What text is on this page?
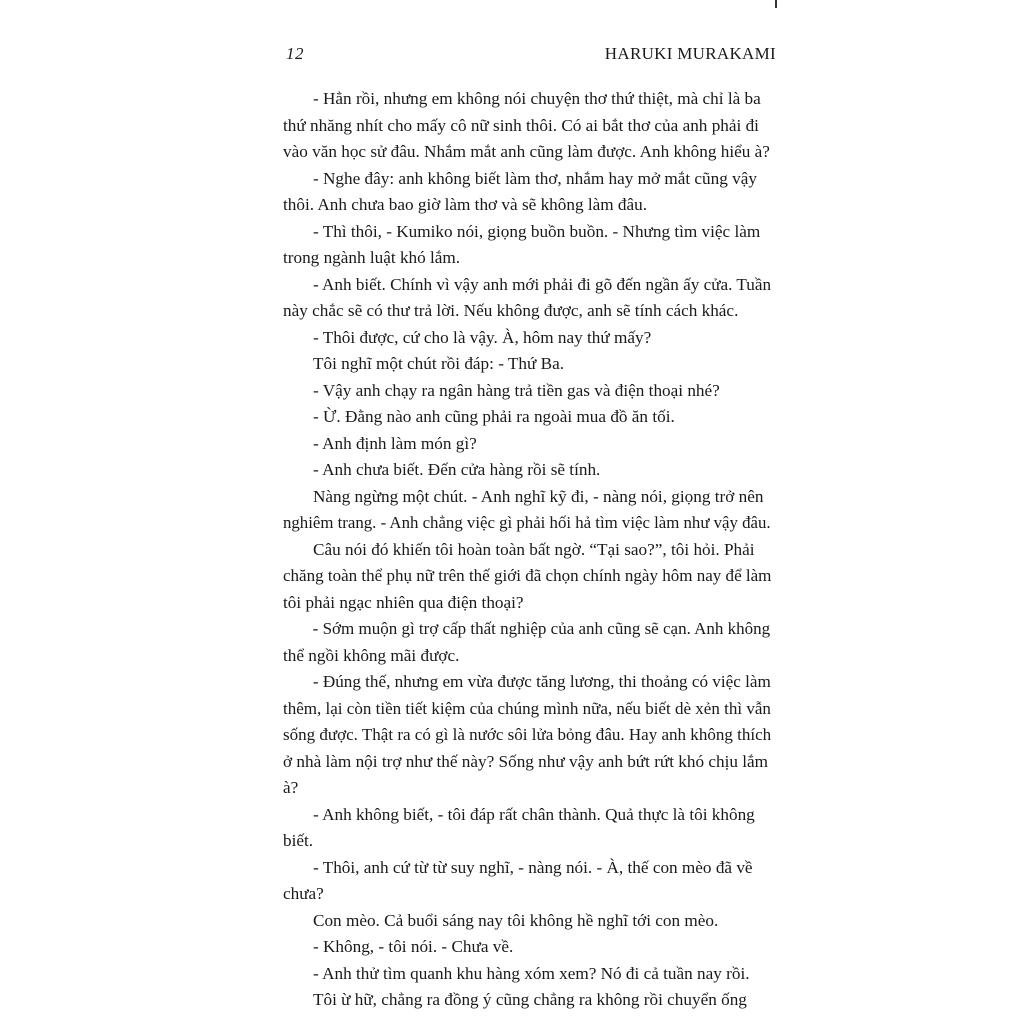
12	HARUKI MURAKAMI
- Hẳn rồi, nhưng em không nói chuyện thơ thứ thiệt, mà chỉ là ba
thứ nhăng nhít cho mấy cô nữ sinh thôi. Có ai bắt thơ của anh phải đi
vào văn học sử đâu. Nhắm mắt anh cũng làm được. Anh không hiểu à?
- Nghe đây: anh không biết làm thơ, nhắm hay mở mắt cũng vậy
thôi. Anh chưa bao giờ làm thơ và sẽ không làm đâu.
- Thì thôi, - Kumiko nói, giọng buồn buồn. - Nhưng tìm việc làm
trong ngành luật khó lắm.
- Anh biết. Chính vì vậy anh mới phải đi gõ đến ngần ấy cửa. Tuần
này chắc sẽ có thư trả lời. Nếu không được, anh sẽ tính cách khác.
- Thôi được, cứ cho là vậy. À, hôm nay thứ mấy?
Tôi nghĩ một chút rồi đáp: - Thứ Ba.
- Vậy anh chạy ra ngân hàng trả tiền gas và điện thoại nhé?
- Ừ. Đằng nào anh cũng phải ra ngoài mua đồ ăn tối.
- Anh định làm món gì?
- Anh chưa biết. Đến cửa hàng rồi sẽ tính.
Nàng ngừng một chút. - Anh nghĩ kỹ đi, - nàng nói, giọng trở nên
nghiêm trang. - Anh chẳng việc gì phải hối hả tìm việc làm như vậy đâu.
Câu nói đó khiến tôi hoàn toàn bất ngờ. “Tại sao?”, tôi hỏi. Phải
chăng toàn thể phụ nữ trên thế giới đã chọn chính ngày hôm nay để làm
tôi phải ngạc nhiên qua điện thoại?
- Sớm muộn gì trợ cấp thất nghiệp của anh cũng sẽ cạn. Anh không
thể ngồi không mãi được.
- Đúng thế, nhưng em vừa được tăng lương, thi thoảng có việc làm
thêm, lại còn tiền tiết kiệm của chúng mình nữa, nếu biết dè xẻn thì vẫn
sống được. Thật ra có gì là nước sôi lửa bỏng đâu. Hay anh không thích
ở nhà làm nội trợ như thế này? Sống như vậy anh bứt rứt khó chịu lắm
à?
- Anh không biết, - tôi đáp rất chân thành. Quả thực là tôi không
biết.
- Thôi, anh cứ từ từ suy nghĩ, - nàng nói. - À, thế con mèo đã về
chưa?
Con mèo. Cả buổi sáng nay tôi không hề nghĩ tới con mèo.
- Không, - tôi nói. - Chưa về.
- Anh thử tìm quanh khu hàng xóm xem? Nó đi cả tuần nay rồi.
Tôi ừ hữ, chẳng ra đồng ý cũng chẳng ra không rồi chuyển ống
